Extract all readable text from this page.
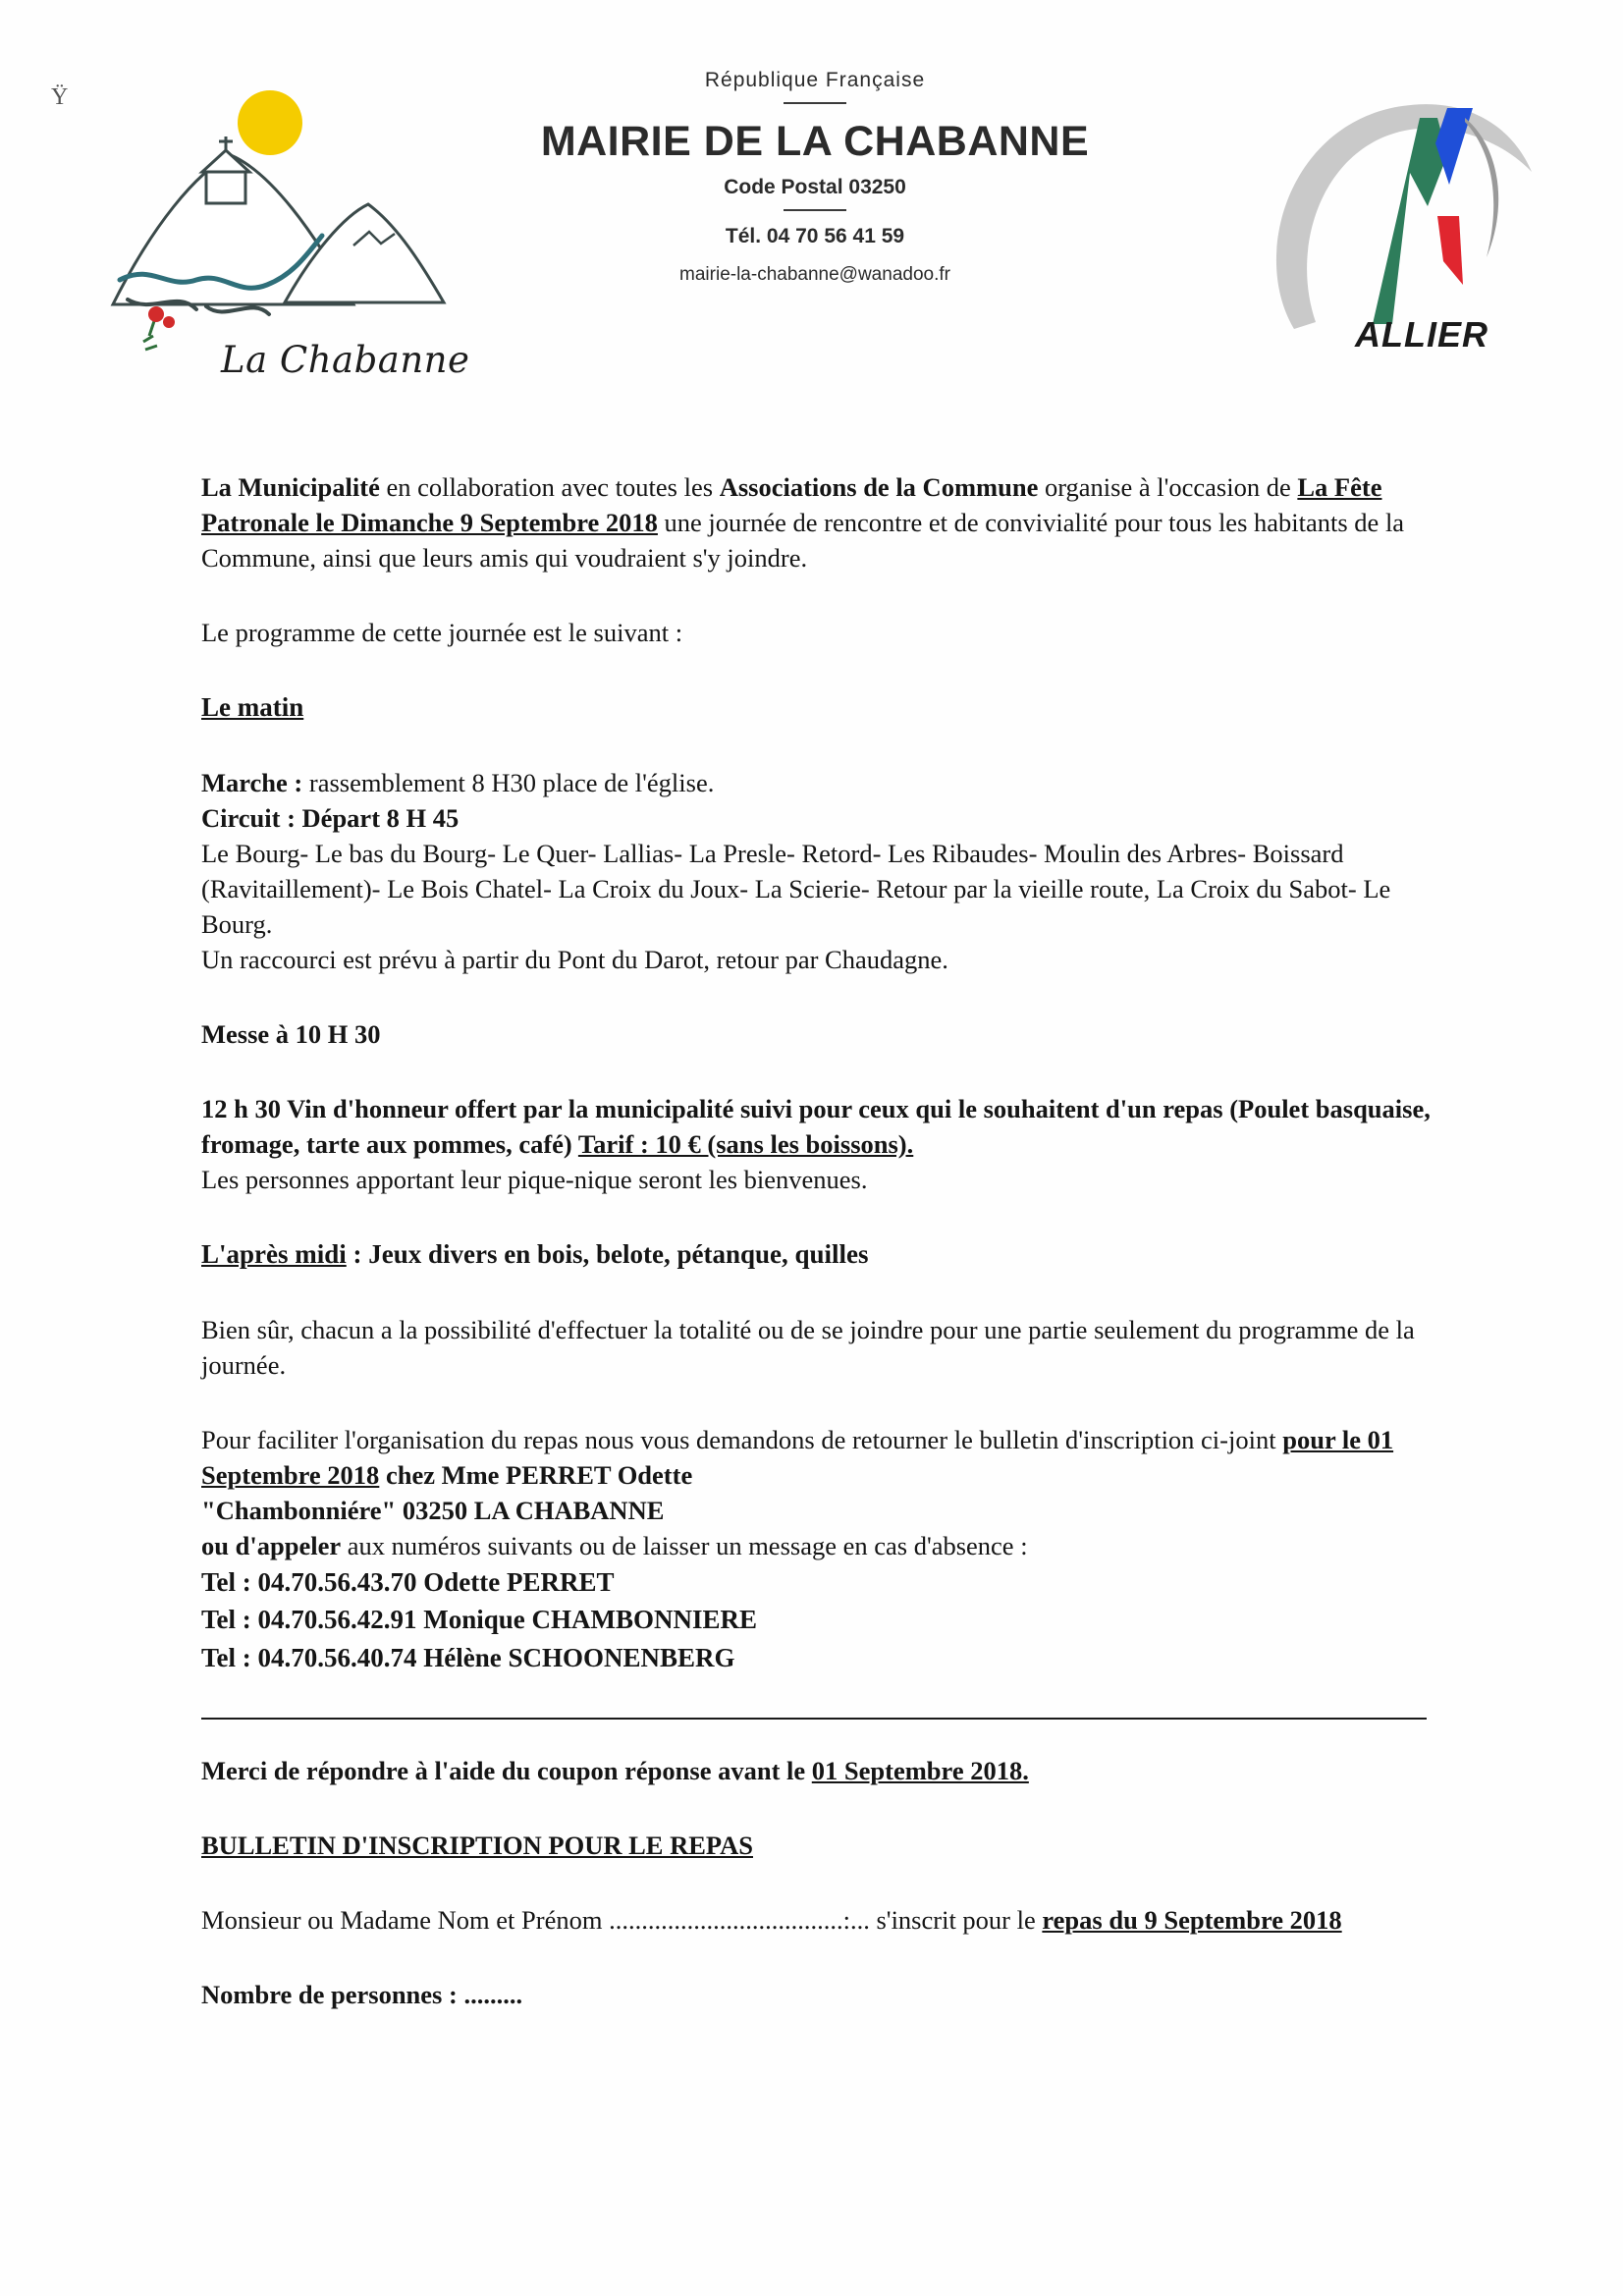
Ÿ
La Chabanne
République Française
MAIRIE DE LA CHABANNE
Code Postal 03250
Tél. 04 70 56 41 59
mairie-la-chabanne@wanadoo.fr
ALLIER

La Municipalité en collaboration avec toutes les Associations de la Commune organise à l'occasion de La Fête Patronale le Dimanche 9 Septembre 2018 une journée de rencontre et de convivialité pour tous les habitants de la Commune, ainsi que leurs amis qui voudraient s'y joindre.

Le programme de cette journée est le suivant :

Le matin

Marche : rassemblement 8 H30 place de l'église.

Circuit : Départ 8 H 45

Le Bourg- Le bas du Bourg- Le Quer- Lallias- La Presle- Retord- Les Ribaudes- Moulin des Arbres- Boissard (Ravitaillement)- Le Bois Chatel- La Croix du Joux- La Scierie- Retour par la vieille route, La Croix du Sabot- Le Bourg.

Un raccourci est prévu à partir du Pont du Darot, retour par Chaudagne.

Messe à 10 H 30

12 h 30 Vin d'honneur offert par la municipalité suivi pour ceux qui le souhaitent d'un repas (Poulet basquaise, fromage, tarte aux pommes, café) Tarif : 10 € (sans les boissons).

Les personnes apportant leur pique-nique seront les bienvenues.

L'après midi : Jeux divers en bois, belote, pétanque, quilles

Bien sûr, chacun a la possibilité d'effectuer la totalité ou de se joindre pour une partie seulement du programme de la journée.

Pour faciliter l'organisation du repas nous vous demandons de retourner le bulletin d'inscription ci-joint pour le 01 Septembre 2018 chez Mme PERRET Odette

"Chambonniére" 03250 LA CHABANNE

ou d'appeler aux numéros suivants ou de laisser un message en cas d'absence :

Tel : 04.70.56.43.70 Odette PERRET

Tel : 04.70.56.42.91 Monique CHAMBONNIERE

Tel : 04.70.56.40.74 Hélène SCHOONENBERG

Merci de répondre à l'aide du coupon réponse avant le 01 Septembre 2018.

BULLETIN D'INSCRIPTION POUR LE REPAS

Monsieur ou Madame Nom et Prénom ....................................:... s'inscrit pour le repas du 9 Septembre 2018

Nombre de personnes : .........
